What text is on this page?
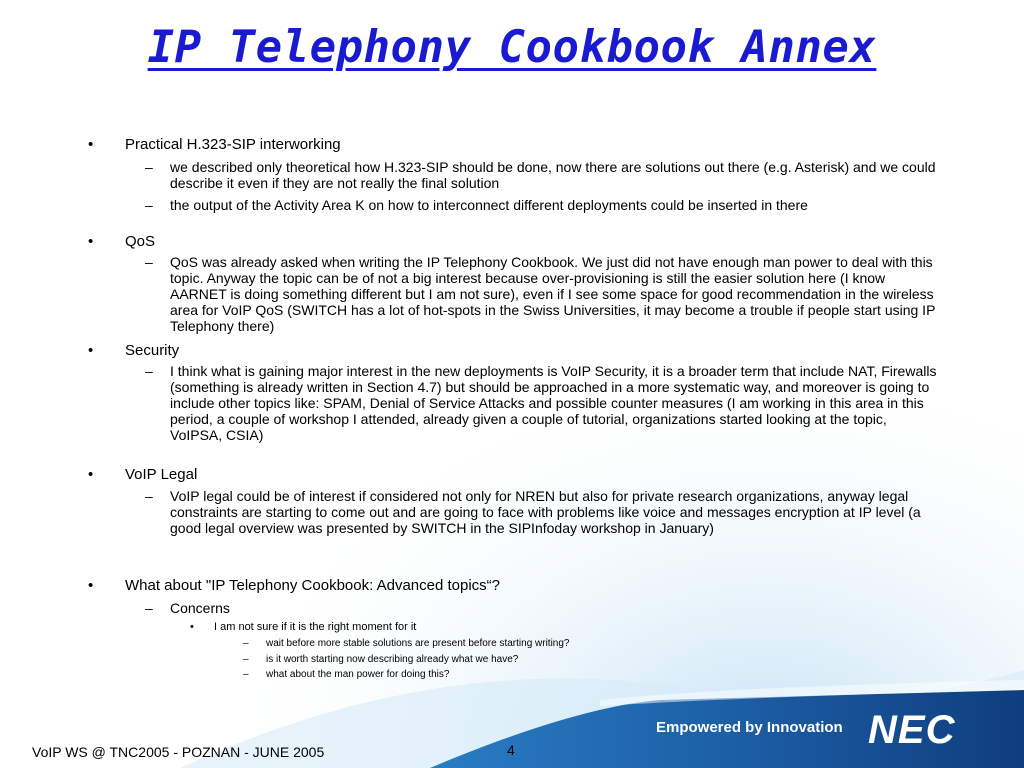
IP Telephony Cookbook Annex
• Practical H.323-SIP interworking
– we described only theoretical how H.323-SIP should be done, now there are solutions out there (e.g. Asterisk) and we could describe it even if they are not really the final solution
– the output of the Activity Area K on how to interconnect different deployments could be inserted in there
• QoS
– QoS was already asked when writing the IP Telephony Cookbook. We just did not have enough man power to deal with this topic. Anyway the topic can be of not a big interest because over-provisioning is still the easier solution here (I know AARNET is doing something different but I am not sure), even if I see some space for good recommendation in the wireless area for VoIP QoS (SWITCH has a lot of hot-spots in the Swiss Universities, it may become a trouble if people start using IP Telephony there)
• Security
– I think what is gaining major interest in the new deployments is VoIP Security, it is a broader term that include NAT, Firewalls (something is already written in Section 4.7) but should be approached in a more systematic way, and moreover is going to include other topics like: SPAM, Denial of Service Attacks and possible counter measures (I am working in this area in this period, a couple of workshop I attended, already given a couple of tutorial, organizations started looking at the topic, VoIPSA, CSIA)
• VoIP Legal
– VoIP legal could be of interest if considered not only for NREN but also for private research organizations, anyway legal constraints are starting to come out and are going to face with problems like voice and messages encryption at IP level (a good legal overview was presented by SWITCH in the SIPInfoday workshop in January)
• What about "IP Telephony Cookbook: Advanced topics“?
– Concerns
• I am not sure if it is the right moment for it
– wait before more stable solutions are present before starting writing?
– is it worth starting now describing already what we have?
– what about the man power for doing this?
VoIP WS @ TNC2005 - POZNAN - JUNE 2005	4
Empowered by Innovation NEC
